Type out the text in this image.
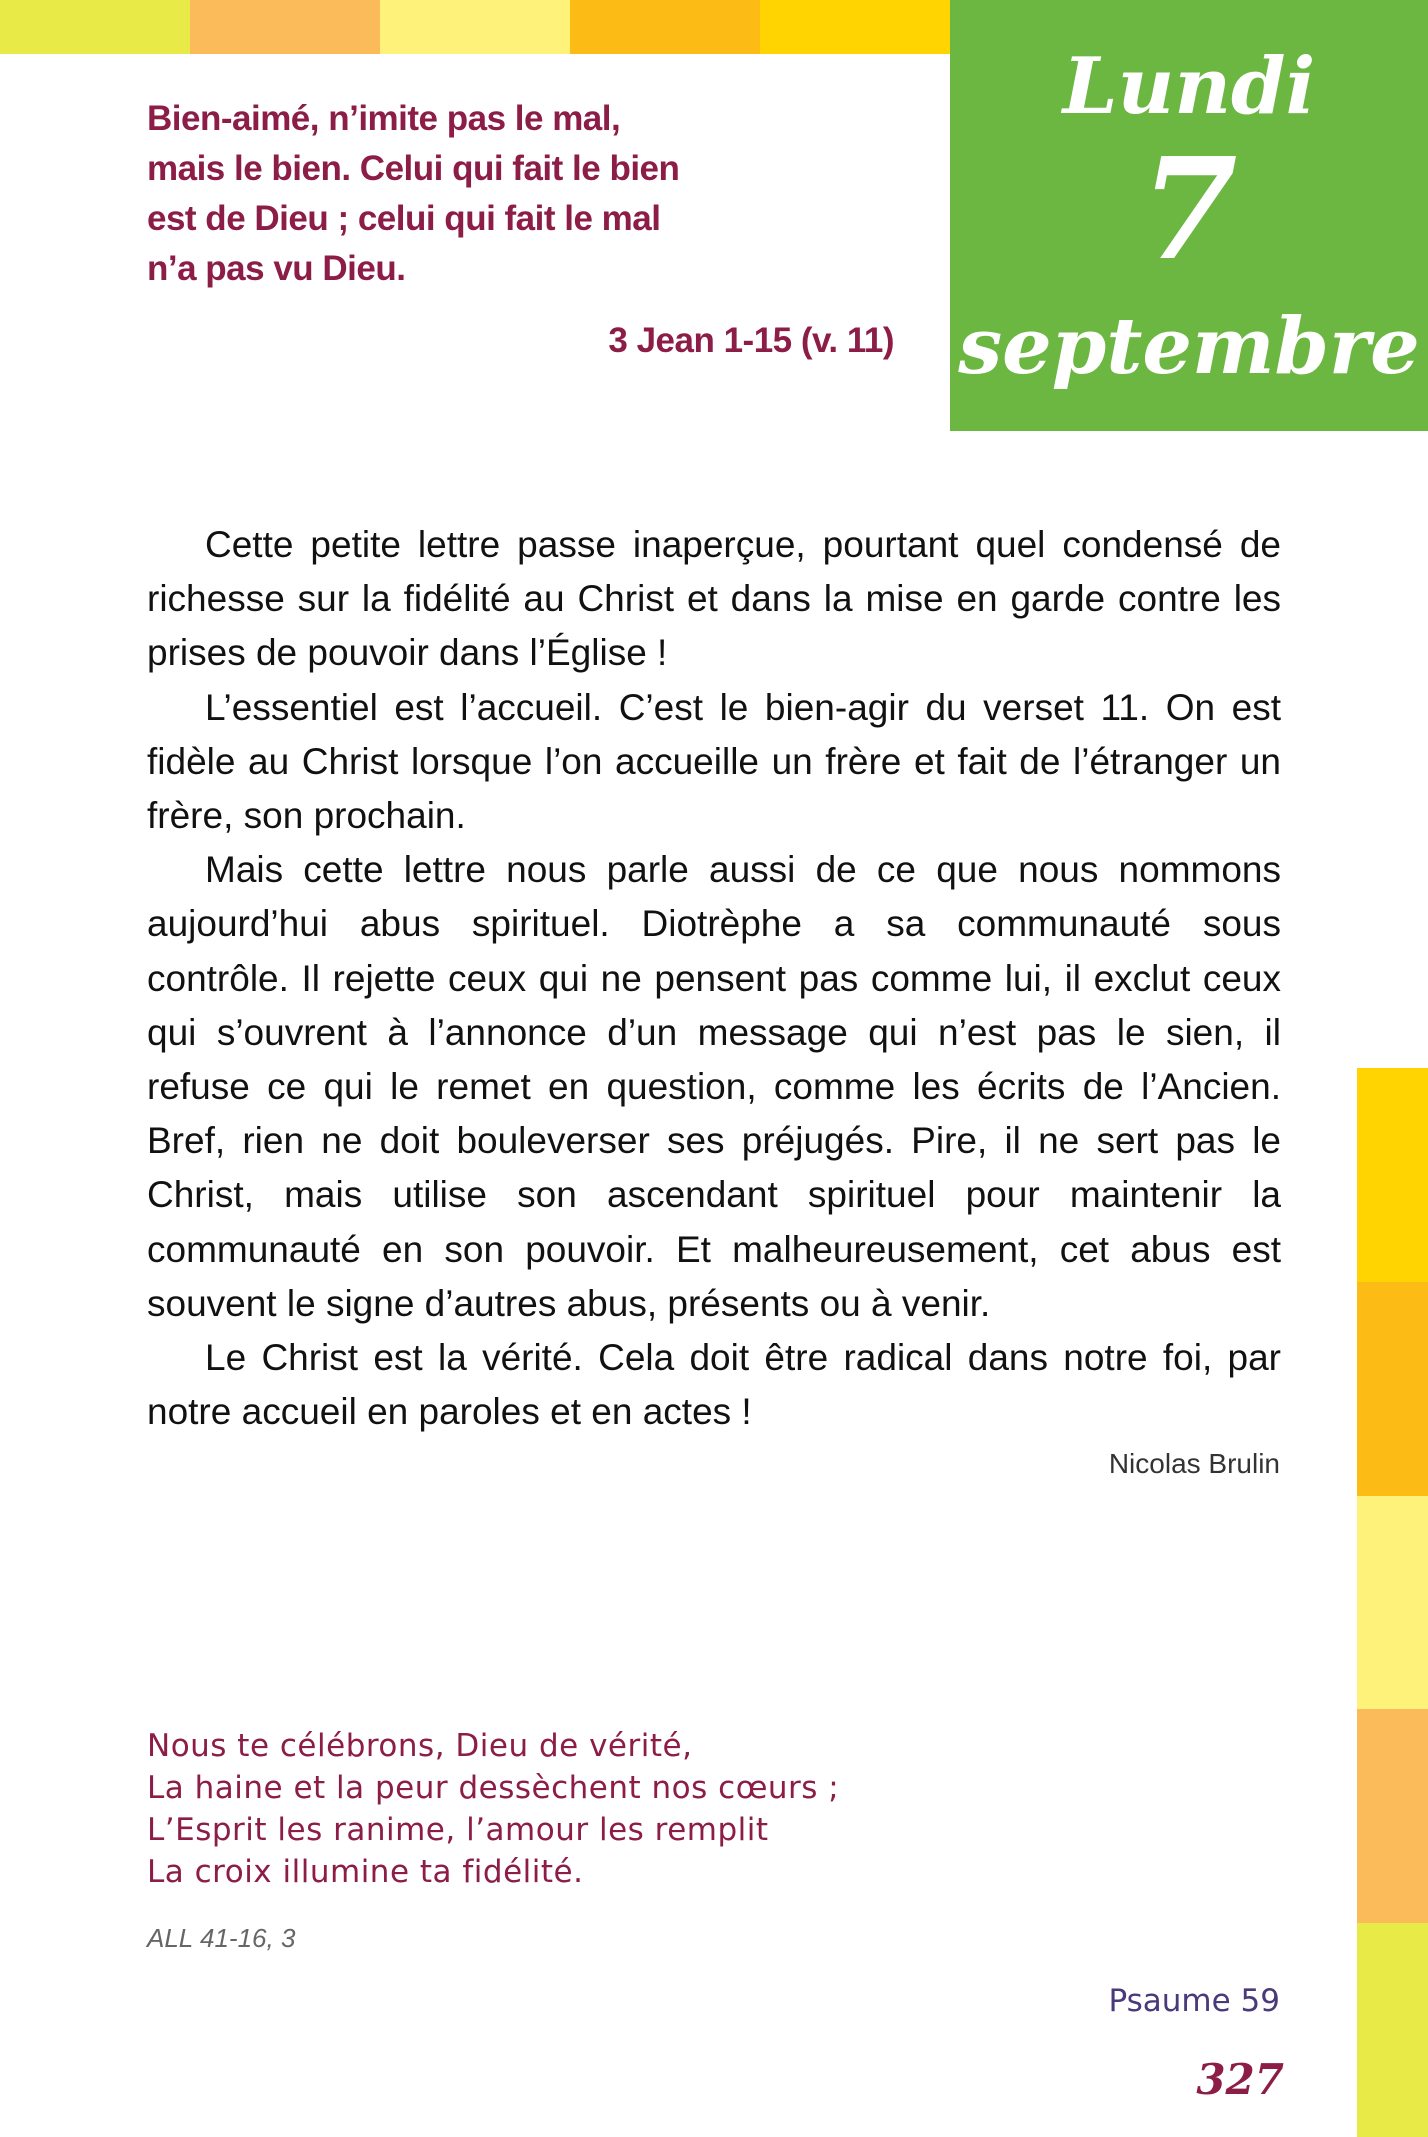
Lundi
7
septembre
Bien-aimé, n’imite pas le mal,
mais le bien. Celui qui fait le bien
est de Dieu ; celui qui fait le mal
n’a pas vu Dieu.
3 Jean 1-15 (v. 11)

Cette petite lettre passe inaperçue, pourtant quel condensé de richesse sur la fidélité au Christ et dans la mise en garde contre les prises de pouvoir dans l’Église !

L’essentiel est l’accueil. C’est le bien-agir du verset 11. On est fidèle au Christ lorsque l’on accueille un frère et fait de l’étranger un frère, son prochain.

Mais cette lettre nous parle aussi de ce que nous nommons aujourd’hui abus spirituel. Diotrèphe a sa communauté sous contrôle. Il rejette ceux qui ne pensent pas comme lui, il exclut ceux qui s’ouvrent à l’annonce d’un message qui n’est pas le sien, il refuse ce qui le remet en question, comme les écrits de l’Ancien. Bref, rien ne doit bouleverser ses préjugés. Pire, il ne sert pas le Christ, mais utilise son ascendant spirituel pour maintenir la communauté en son pouvoir. Et malheureusement, cet abus est souvent le signe d’autres abus, présents ou à venir.

Le Christ est la vérité. Cela doit être radical dans notre foi, par notre accueil en paroles et en actes !

Nicolas Brulin
Nous te célébrons, Dieu de vérité,
La haine et la peur dessèchent nos cœurs ;
L’Esprit les ranime, l’amour les remplit
La croix illumine ta fidélité.
ALL 41-16, 3
Psaume 59
327
